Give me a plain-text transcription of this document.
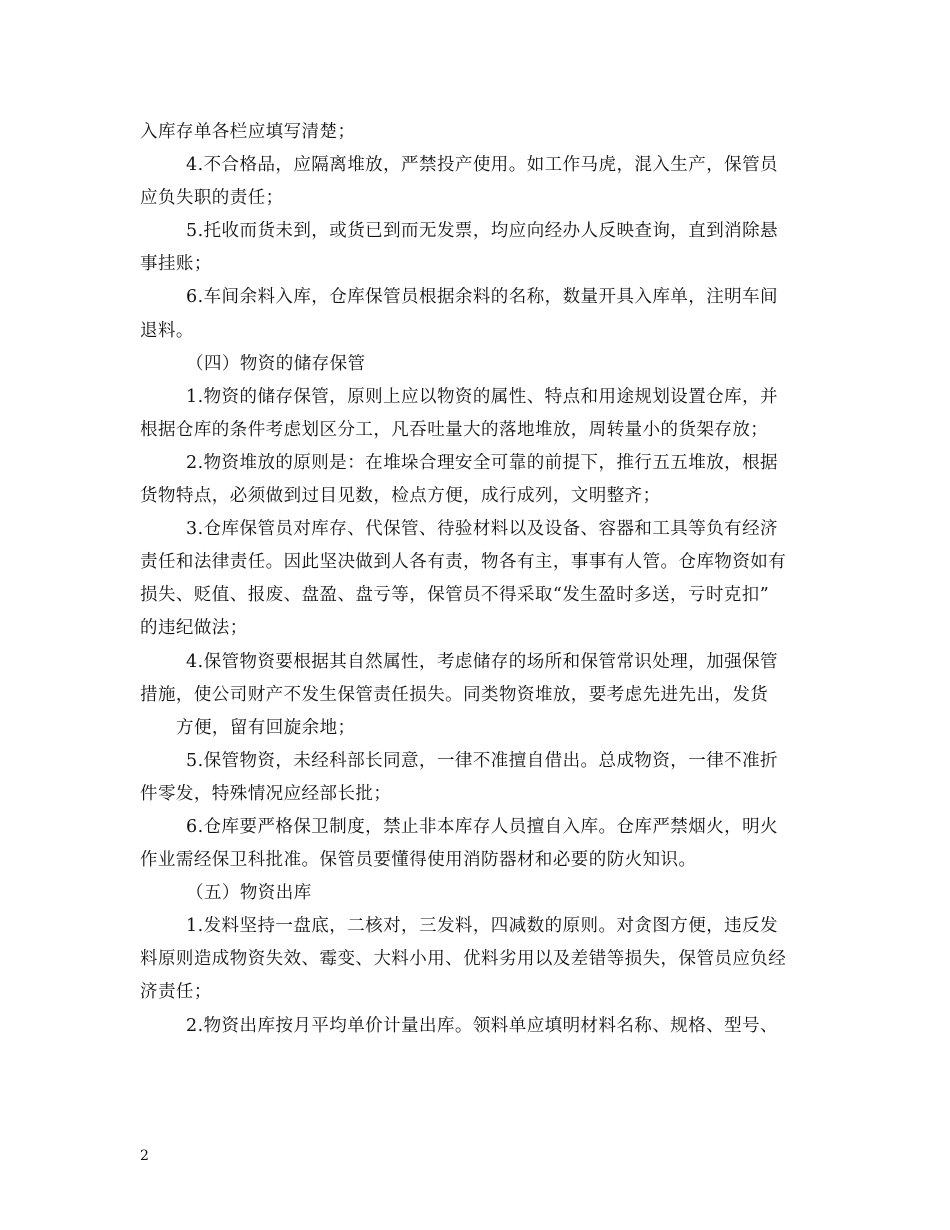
入库存单各栏应填写清楚；
4.不合格品，应隔离堆放，严禁投产使用。如工作马虎，混入生产，保管员
应负失职的责任；
5.托收而货未到，或货已到而无发票，均应向经办人反映查询，直到消除悬
事挂账；
6.车间余料入库，仓库保管员根据余料的名称，数量开具入库单，注明车间
退料。
（四）物资的储存保管
1.物资的储存保管，原则上应以物资的属性、特点和用途规划设置仓库，并
根据仓库的条件考虑划区分工，凡吞吐量大的落地堆放，周转量小的货架存放；
2.物资堆放的原则是：在堆垛合理安全可靠的前提下，推行五五堆放，根据
货物特点，必须做到过目见数，检点方便，成行成列，文明整齐；
3.仓库保管员对库存、代保管、待验材料以及设备、容器和工具等负有经济
责任和法律责任。因此坚决做到人各有责，物各有主，事事有人管。仓库物资如有
损失、贬值、报废、盘盈、盘亏等，保管员不得采取“发生盈时多送，亏时克扣”
的违纪做法；
4.保管物资要根据其自然属性，考虑储存的场所和保管常识处理，加强保管
措施，使公司财产不发生保管责任损失。同类物资堆放，要考虑先进先出，发货
方便，留有回旋余地；
5.保管物资，未经科部长同意，一律不准擅自借出。总成物资，一律不准折
件零发，特殊情况应经部长批；
6.仓库要严格保卫制度，禁止非本库存人员擅自入库。仓库严禁烟火，明火
作业需经保卫科批准。保管员要懂得使用消防器材和必要的防火知识。
（五）物资出库
1.发料坚持一盘底，二核对，三发料，四减数的原则。对贪图方便，违反发
料原则造成物资失效、霉变、大料小用、优料劣用以及差错等损失，保管员应负经
济责任；
2.物资出库按月平均单价计量出库。领料单应填明材料名称、规格、型号、
2
